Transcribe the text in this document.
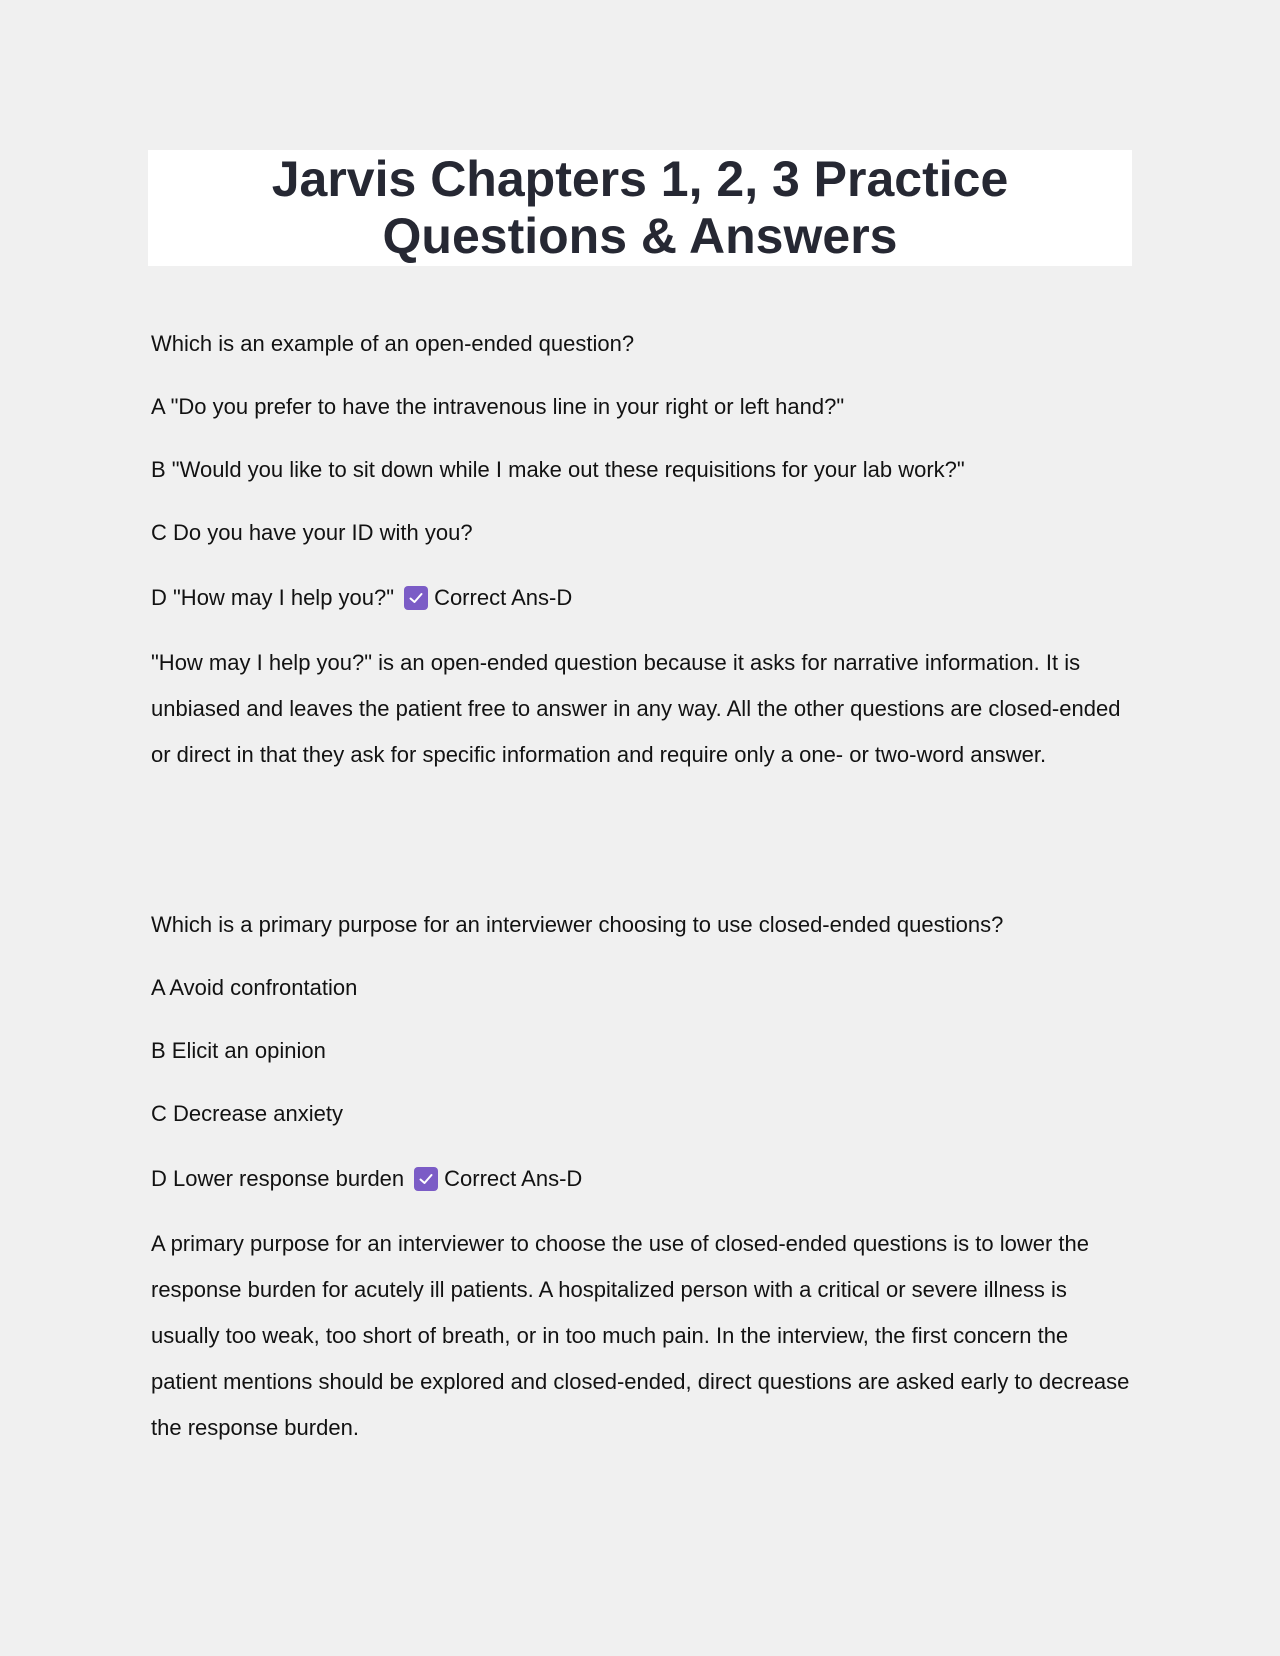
Jarvis Chapters 1, 2, 3 Practice Questions & Answers
Which is an example of an open-ended question?
A "Do you prefer to have the intravenous line in your right or left hand?"
B "Would you like to sit down while I make out these requisitions for your lab work?"
C Do you have your ID with you?
D "How may I help you?" Correct Ans-D
"How may I help you?" is an open-ended question because it asks for narrative information. It is unbiased and leaves the patient free to answer in any way. All the other questions are closed-ended or direct in that they ask for specific information and require only a one- or two-word answer.
Which is a primary purpose for an interviewer choosing to use closed-ended questions?
A Avoid confrontation
B Elicit an opinion
C Decrease anxiety
D Lower response burden Correct Ans-D
A primary purpose for an interviewer to choose the use of closed-ended questions is to lower the response burden for acutely ill patients. A hospitalized person with a critical or severe illness is usually too weak, too short of breath, or in too much pain. In the interview, the first concern the patient mentions should be explored and closed-ended, direct questions are asked early to decrease the response burden.
